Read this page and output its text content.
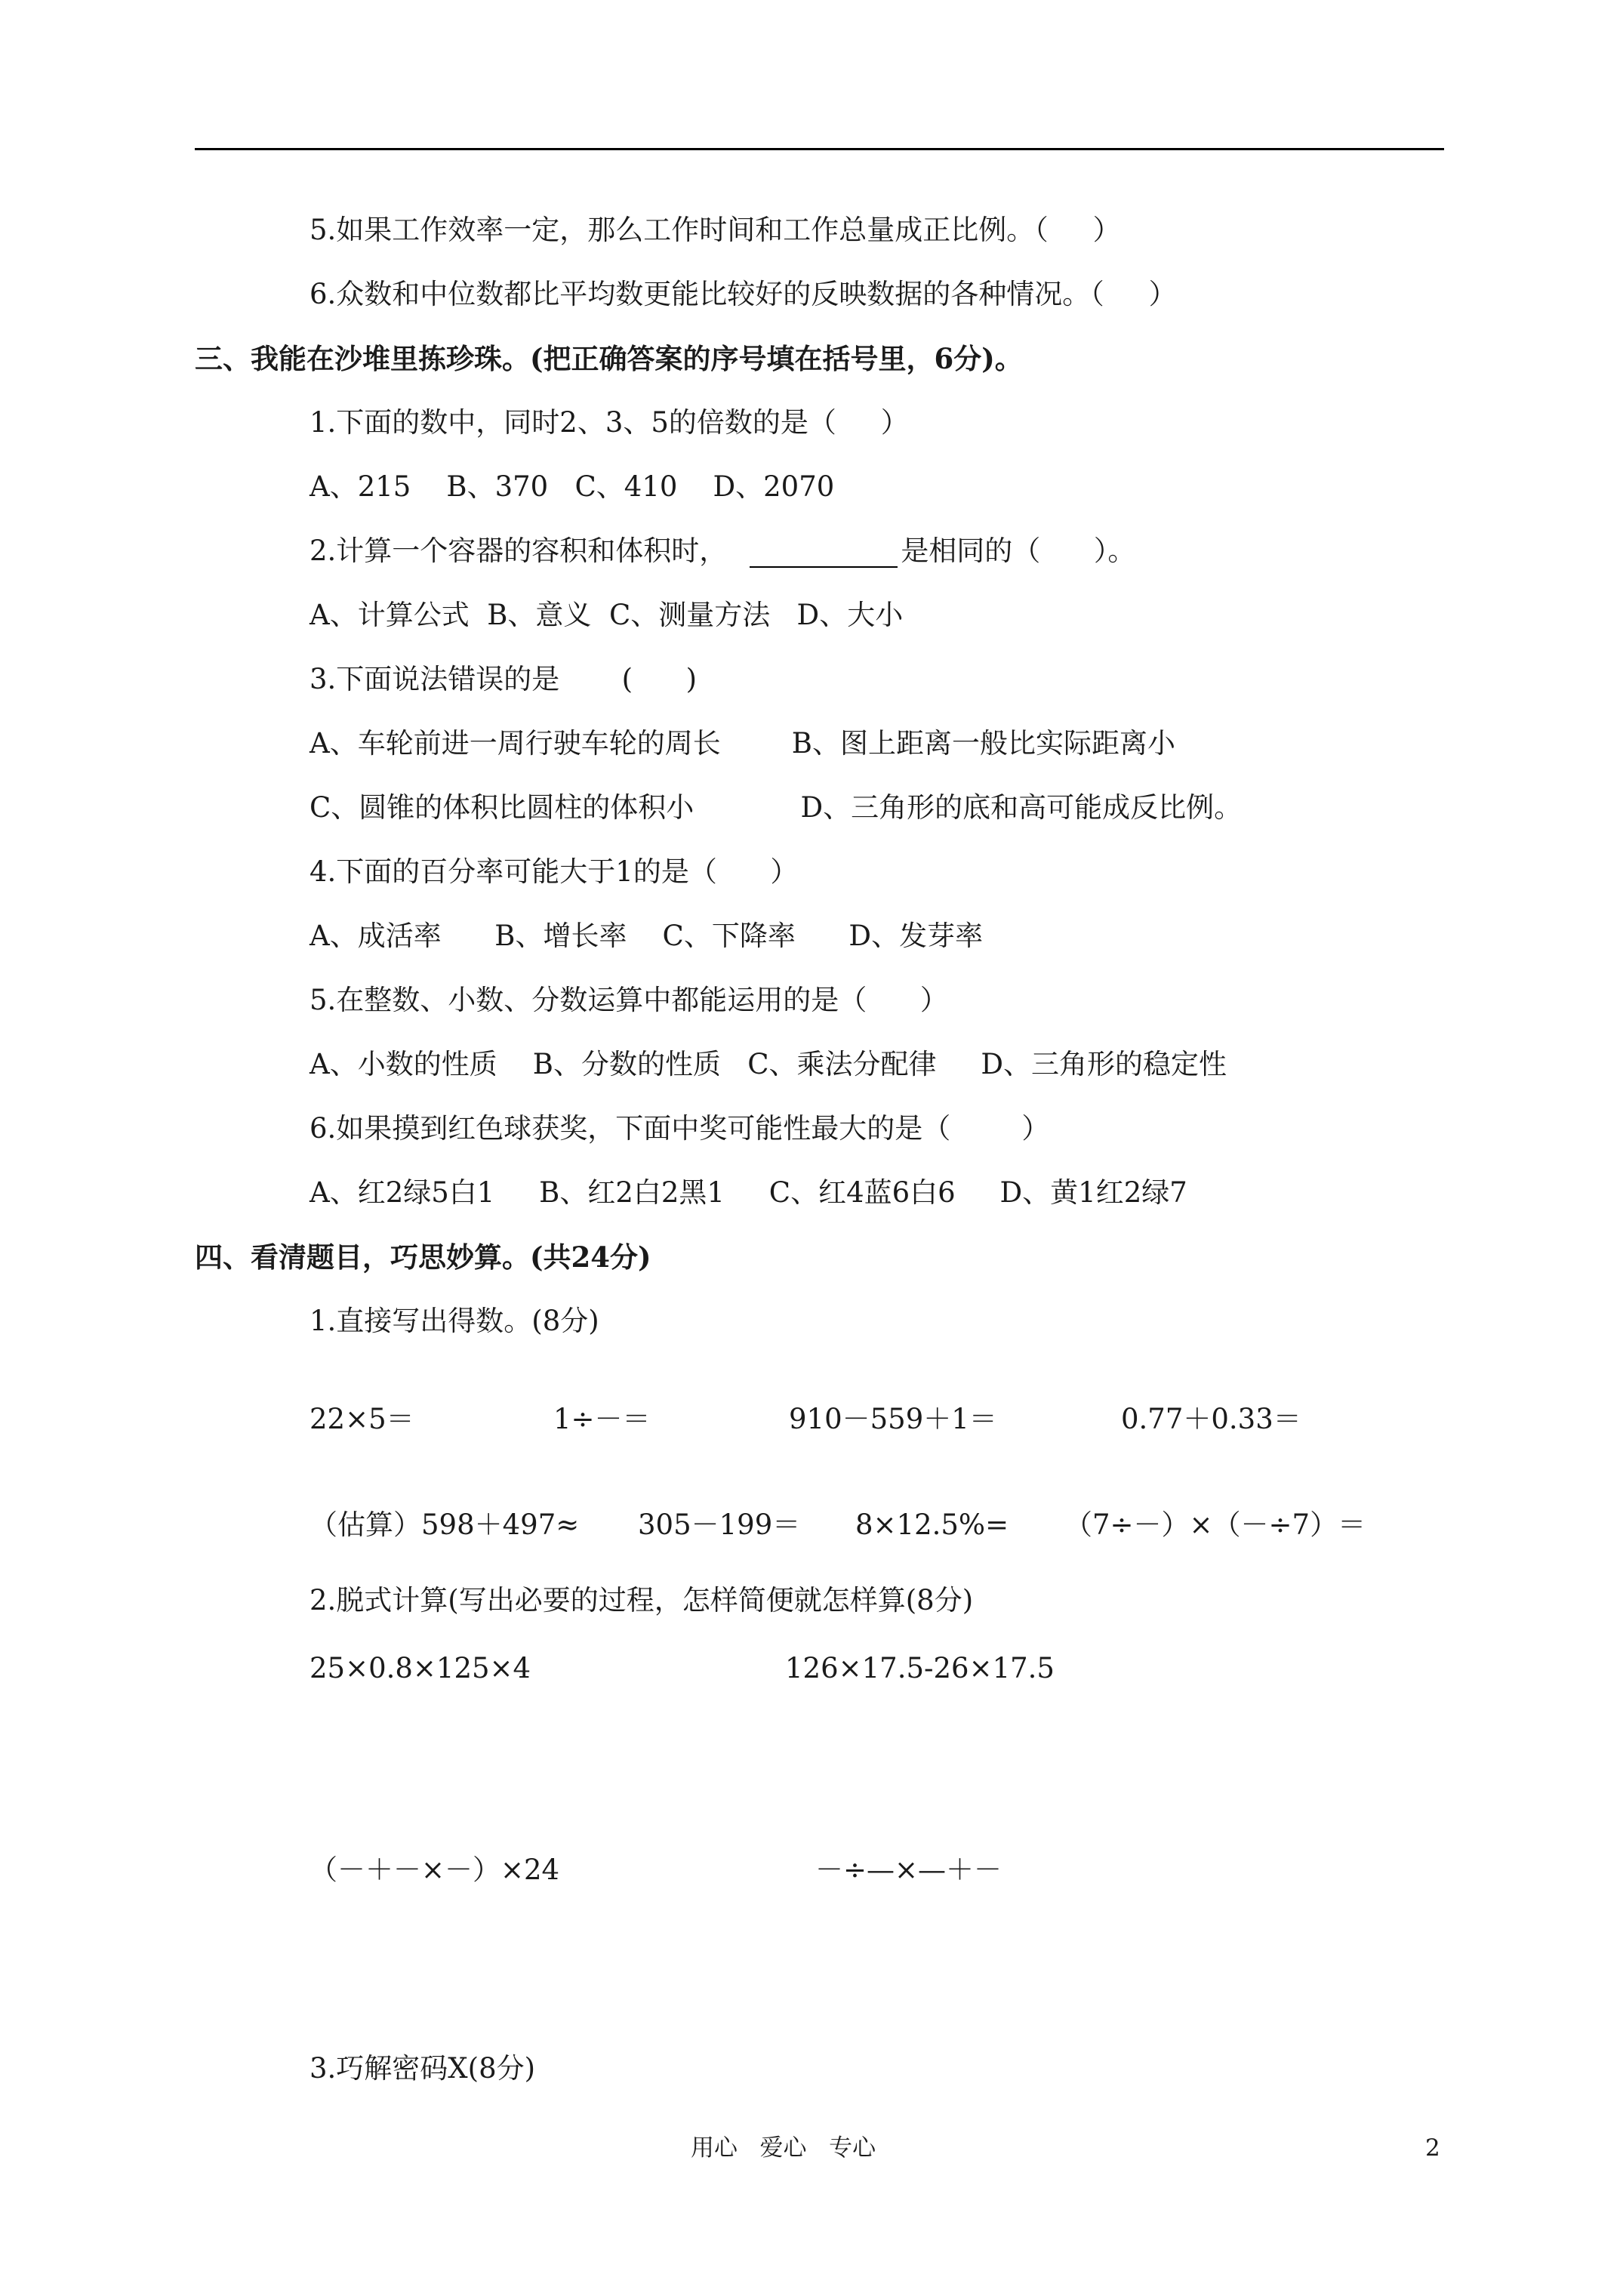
5.如果工作效率一定，那么工作时间和工作总量成正比例。（     ）
6.众数和中位数都比平均数更能比较好的反映数据的各种情况。（     ）
三、我能在沙堆里拣珍珠。(把正确答案的序号填在括号里，6分)。
1.下面的数中，同时2、3、5的倍数的是（     ）
A、215    B、370   C、410    D、2070
2.计算一个容器的容积和体积时，	是相同的（      ）。
A、计算公式  B、意义  C、测量方法   D、大小
3.下面说法错误的是       (      )
A、车轮前进一周行驶车轮的周长        B、图上距离一般比实际距离小
C、圆锥的体积比圆柱的体积小            D、三角形的底和高可能成反比例。
4.下面的百分率可能大于1的是（      ）
A、成活率      B、增长率    C、下降率      D、发芽率
5.在整数、小数、分数运算中都能运用的是（      ）
A、小数的性质    B、分数的性质   C、乘法分配律     D、三角形的稳定性
6.如果摸到红色球获奖，下面中奖可能性最大的是（        ）
A、红2绿5白1     B、红2白2黑1     C、红4蓝6白6     D、黄1红2绿7
四、看清题目，巧思妙算。(共24分)
1.直接写出得数。(8分)
22×5＝	1÷－＝	910－559＋1＝	0.77＋0.33＝
（估算）598＋497≈ 305－199＝ 8×12.5%= （7÷－）×（－÷7）＝
2.脱式计算(写出必要的过程，怎样简便就怎样算(8分)
25×0.8×125×4	126×17.5-26×17.5
（－＋－×－）×24	－÷—×—＋－
3.巧解密码X(8分)
用心   爱心   专心	2
